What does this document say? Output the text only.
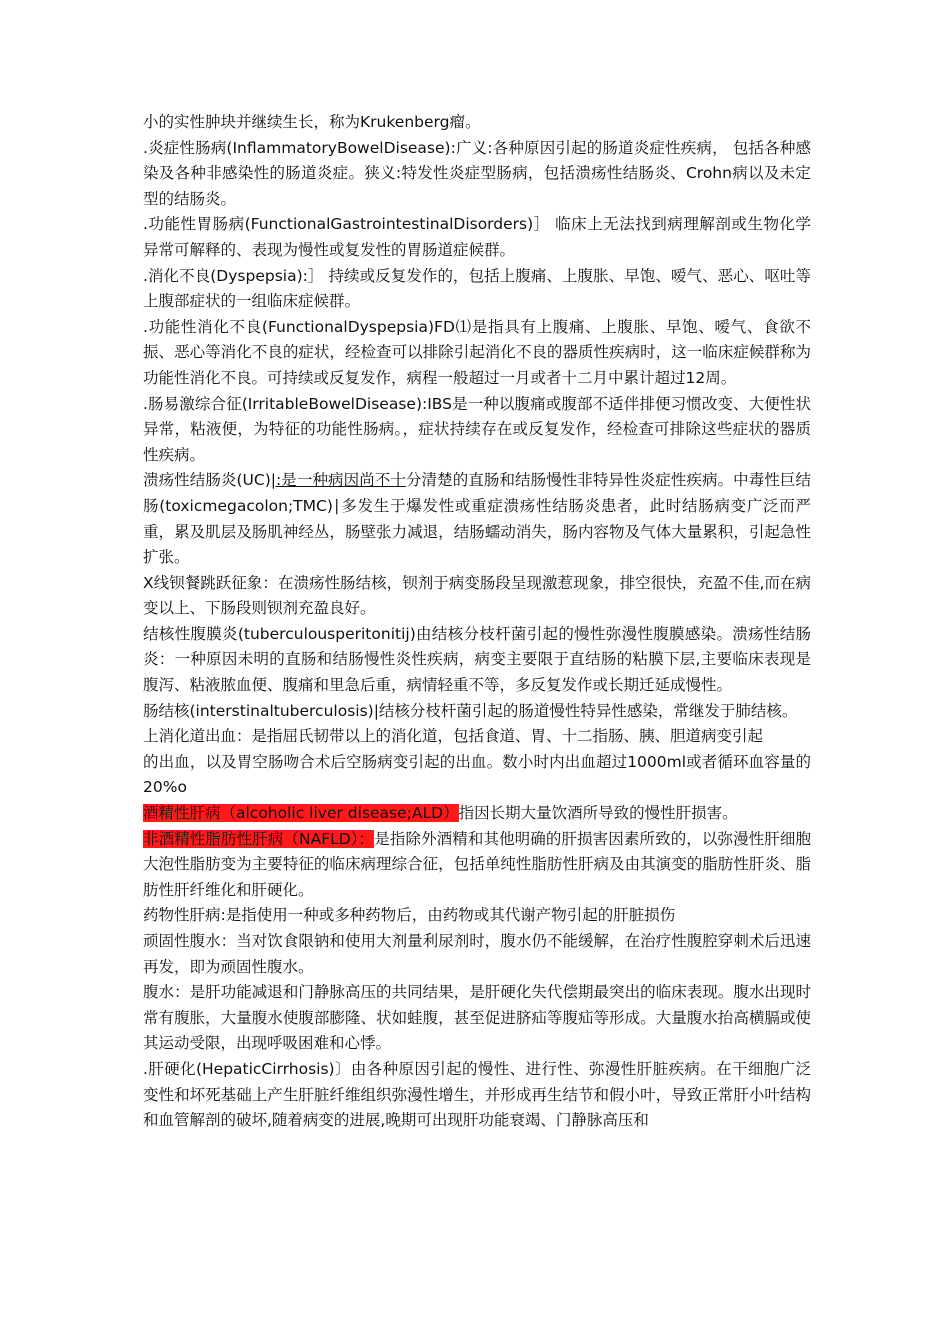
小的实性肿块并继续生长，称为Krukenberg瘤。

.炎症性肠病(InflammatoryBowelDisease):广义:各种原因引起的肠道炎症性疾病， 包括各种感染及各种非感染性的肠道炎症。狭义:特发性炎症型肠病，包括溃疡性结肠炎、Crohn病以及未定型的结肠炎。

.功能性胃肠病(FunctionalGastrointestinalDisorders)］ 临床上无法找到病理解剖或生物化学异常可解释的、表现为慢性或复发性的胃肠道症候群。

.消化不良(Dyspepsia):］ 持续或反复发作的，包括上腹痛、上腹胀、早饱、嗳气、恶心、呕吐等上腹部症状的一组临床症候群。

.功能性消化不良(FunctionalDyspepsia)FD⑴是指具有上腹痛、上腹胀、早饱、嗳气、食欲不振、恶心等消化不良的症状，经检查可以排除引起消化不良的器质性疾病时，这一临床症候群称为功能性消化不良。可持续或反复发作，病程一般超过一月或者十二月中累计超过12周。

.肠易激综合征(IrritableBowelDisease):IBS是一种以腹痛或腹部不适伴排便习惯改变、大便性状异常，粘液便，为特征的功能性肠病。，症状持续存在或反复发作，经检查可排除这些症状的器质性疾病。

溃疡性结肠炎(UC)|:是一种病因尚不十分清楚的直肠和结肠慢性非特异性炎症性疾病。中毒性巨结肠(toxicmegacolon;TMC)∣多发生于爆发性或重症溃疡性结肠炎患者，此时结肠病变广泛而严重，累及肌层及肠肌神经丛，肠壁张力减退，结肠蠕动消失，肠内容物及气体大量累积，引起急性扩张。

X线钡餐跳跃征象：在溃疡性肠结核，钡剂于病变肠段呈现激惹现象，排空很快，充盈不佳,而在病变以上、下肠段则钡剂充盈良好。

结核性腹膜炎(tuberculousperitonitij)由结核分枝杆菌引起的慢性弥漫性腹膜感染。溃疡性结肠炎：一种原因未明的直肠和结肠慢性炎性疾病，病变主要限于直结肠的粘膜下层,主要临床表现是腹泻、粘液脓血便、腹痛和里急后重，病情轻重不等，多反复发作或长期迁延成慢性。

肠结核(interstinaltuberculosis)|结核分枝杆菌引起的肠道慢性特异性感染，常继发于肺结核。

上消化道出血：是指屈氏韧带以上的消化道，包括食道、胃、十二指肠、胰、胆道病变引起

的出血，以及胃空肠吻合术后空肠病变引起的出血。数小时内出血超过1000ml或者循环血容量的20%o

酒精性肝病（alcoholic liver disease;ALD）指因长期大量饮酒所导致的慢性肝损害。

非酒精性脂肪性肝病（NAFLD）：是指除外酒精和其他明确的肝损害因素所致的，以弥漫性肝细胞大泡性脂肪变为主要特征的临床病理综合征，包括单纯性脂肪性肝病及由其演变的脂肪性肝炎、脂肪性肝纤维化和肝硬化。

药物性肝病:是指使用一种或多种药物后，由药物或其代谢产物引起的肝脏损伤

顽固性腹水：当对饮食限钠和使用大剂量利尿剂时，腹水仍不能缓解，在治疗性腹腔穿刺术后迅速再发，即为顽固性腹水。

腹水：是肝功能减退和门静脉高压的共同结果，是肝硬化失代偿期最突出的临床表现。腹水出现时常有腹胀，大量腹水使腹部膨隆、状如蛙腹，甚至促进脐疝等腹疝等形成。大量腹水抬高横膈或使其运动受限，出现呼吸困难和心悸。

.肝硬化(HepaticCirrhosis)〕由各种原因引起的慢性、进行性、弥漫性肝脏疾病。在干细胞广泛变性和坏死基础上产生肝脏纤维组织弥漫性增生，并形成再生结节和假小叶，导致正常肝小叶结构和血管解剖的破坏,随着病变的进展,晚期可出现肝功能衰竭、门静脉高压和
